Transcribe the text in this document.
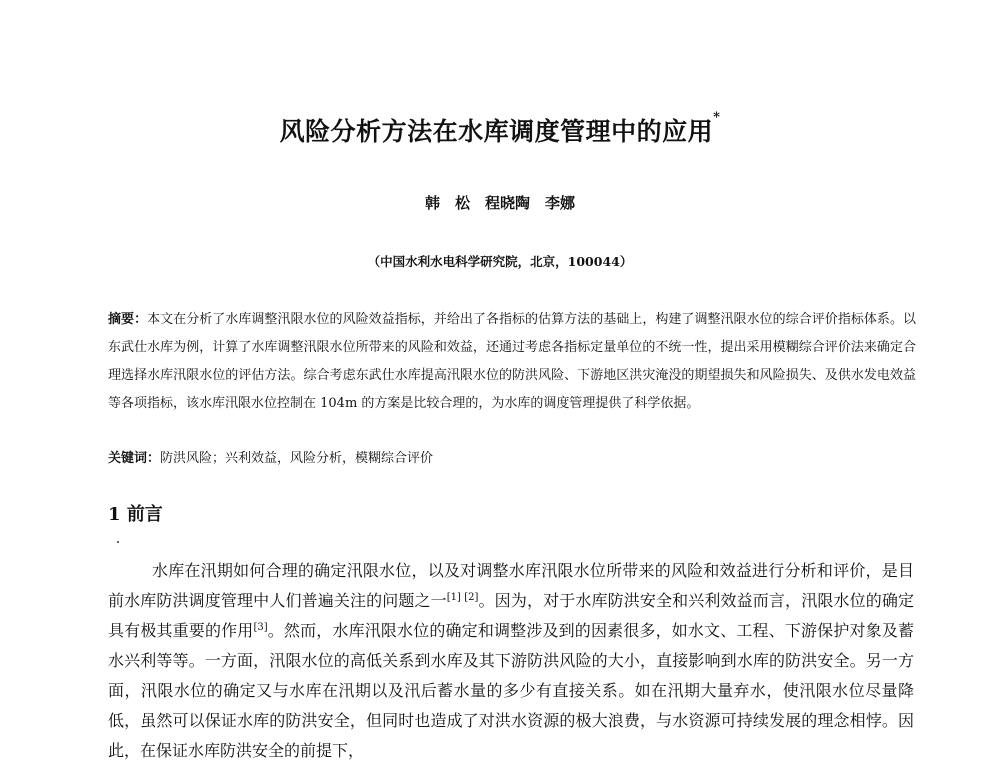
风险分析方法在水库调度管理中的应用*
韩　松　程晓陶　李娜
（中国水利水电科学研究院，北京，100044）
摘要：本文在分析了水库调整汛限水位的风险效益指标，并给出了各指标的估算方法的基础上，构建了调整汛限水位的综合评价指标体系。以东武仕水库为例，计算了水库调整汛限水位所带来的风险和效益，还通过考虑各指标定量单位的不统一性，提出采用模糊综合评价法来确定合理选择水库汛限水位的评估方法。综合考虑东武仕水库提高汛限水位的防洪风险、下游地区洪灾淹没的期望损失和风险损失、及供水发电效益等各项指标，该水库汛限水位控制在 104m 的方案是比较合理的，为水库的调度管理提供了科学依据。
关键词：防洪风险；兴利效益，风险分析，模糊综合评价
1 前言
水库在汛期如何合理的确定汛限水位，以及对调整水库汛限水位所带来的风险和效益进行分析和评价，是目前水库防洪调度管理中人们普遍关注的问题之一[1] [2]。因为，对于水库防洪安全和兴利效益而言，汛限水位的确定具有极其重要的作用[3]。然而，水库汛限水位的确定和调整涉及到的因素很多，如水文、工程、下游保护对象及蓄水兴利等等。一方面，汛限水位的高低关系到水库及其下游防洪风险的大小，直接影响到水库的防洪安全。另一方面，汛限水位的确定又与水库在汛期以及汛后蓄水量的多少有直接关系。如在汛期大量弃水，使汛限水位尽量降低，虽然可以保证水库的防洪安全，但同时也造成了对洪水资源的极大浪费，与水资源可持续发展的理念相悖。因此，在保证水库防洪安全的前提下，
